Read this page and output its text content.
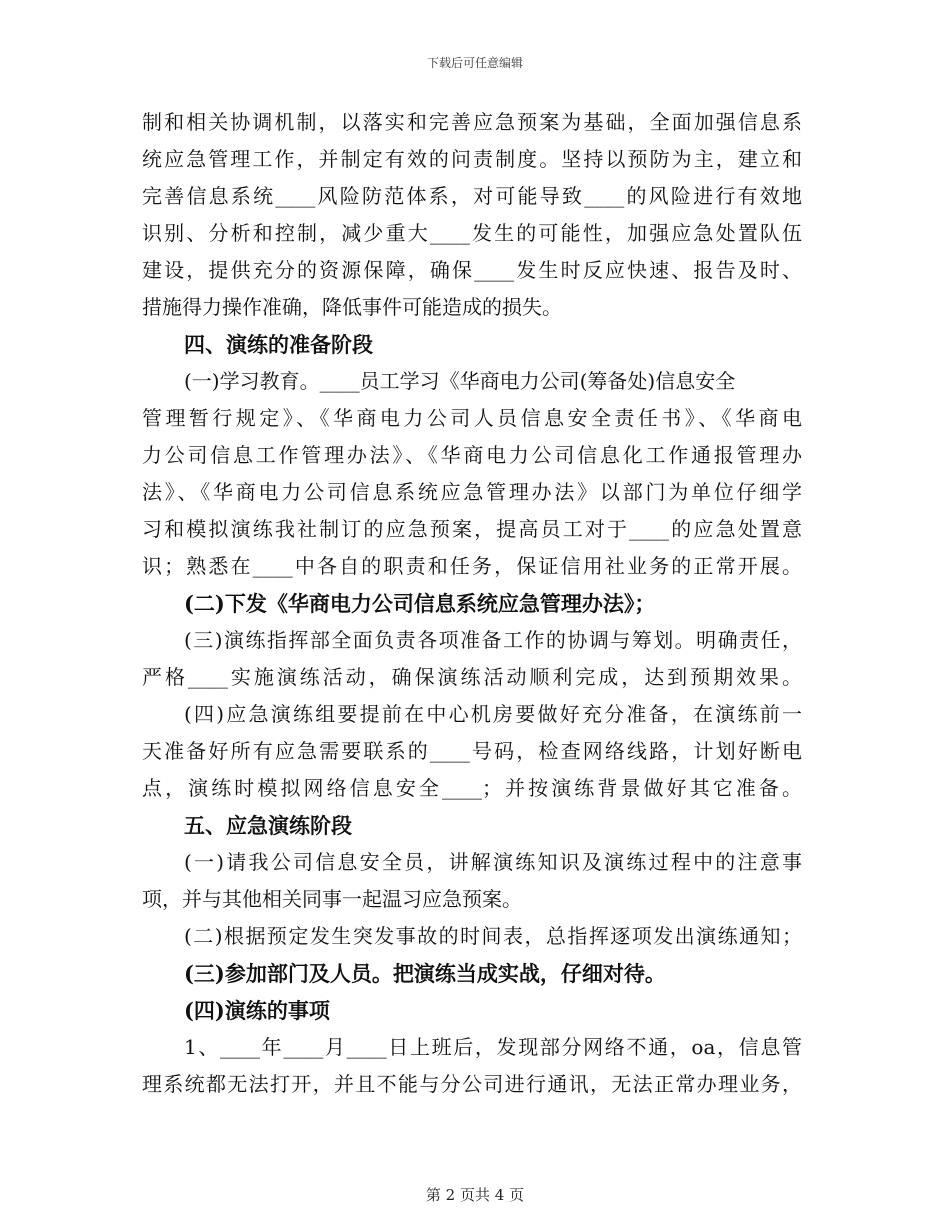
下载后可任意编辑
制和相关协调机制，以落实和完善应急预案为基础，全面加强信息系
统应急管理工作，并制定有效的问责制度。坚持以预防为主，建立和
完善信息系统____风险防范体系，对可能导致____的风险进行有效地
识别、分析和控制，减少重大____发生的可能性，加强应急处置队伍
建设，提供充分的资源保障，确保____发生时反应快速、报告及时、
措施得力操作准确，降低事件可能造成的损失。
四、演练的准备阶段
(一)学习教育。____员工学习《华商电力公司(筹备处)信息安全
管理暂行规定》、《华商电力公司人员信息安全责任书》、《华商电
力公司信息工作管理办法》、《华商电力公司信息化工作通报管理办
法》、《华商电力公司信息系统应急管理办法》以部门为单位仔细学
习和模拟演练我社制订的应急预案，提高员工对于____的应急处置意
识；熟悉在____中各自的职责和任务，保证信用社业务的正常开展。
(二)下发《华商电力公司信息系统应急管理办法》；
(三)演练指挥部全面负责各项准备工作的协调与筹划。明确责任，
严格____实施演练活动，确保演练活动顺利完成，达到预期效果。
(四)应急演练组要提前在中心机房要做好充分准备，在演练前一
天准备好所有应急需要联系的____号码，检查网络线路，计划好断电
点，演练时模拟网络信息安全____；并按演练背景做好其它准备。
五、应急演练阶段
(一)请我公司信息安全员，讲解演练知识及演练过程中的注意事
项，并与其他相关同事一起温习应急预案。
(二)根据预定发生突发事故的时间表，总指挥逐项发出演练通知；
(三)参加部门及人员。把演练当成实战，仔细对待。
(四)演练的事项
1、____年____月____日上班后，发现部分网络不通，oa，信息管
理系统都无法打开，并且不能与分公司进行通讯，无法正常办理业务，
第 2 页共 4 页
